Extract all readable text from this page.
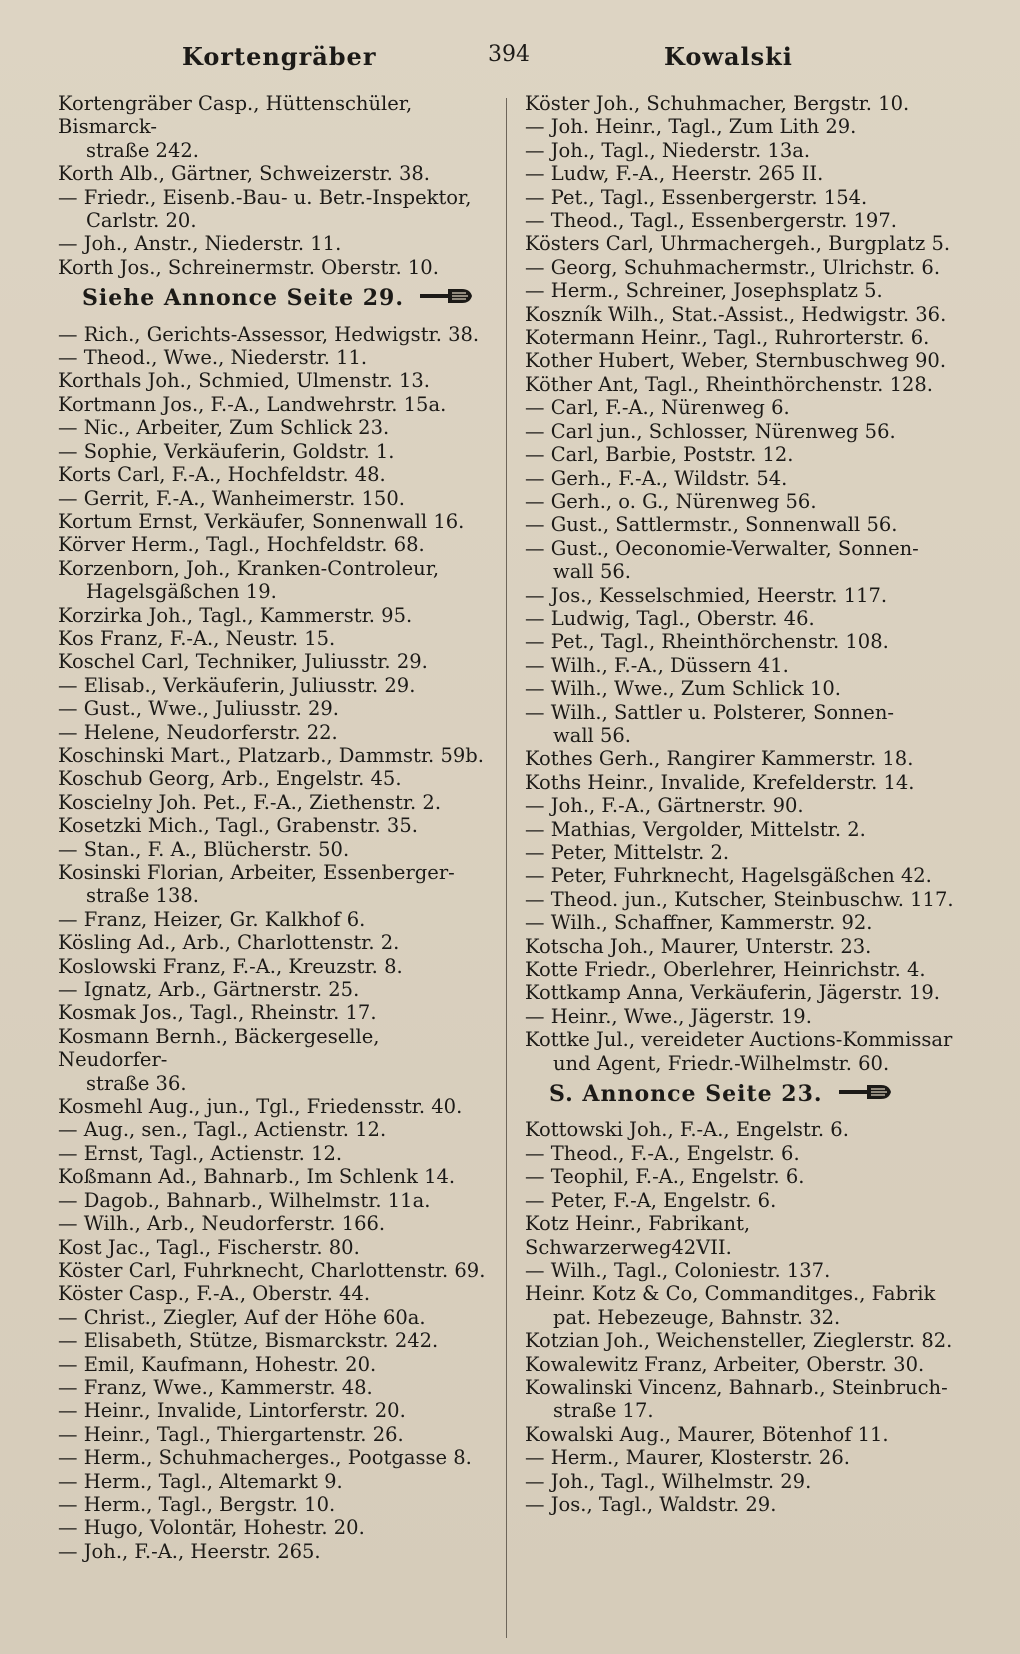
Kortengräber	394	Kowalski
Kortengräber Casp., Hüttenschüler, Bismarck-
straße 242.
Korth Alb., Gärtner, Schweizerstr. 38.
— Friedr., Eisenb.-Bau- u. Betr.-Inspektor,
Carlstr. 20.
— Joh., Anstr., Niederstr. 11.
Korth Jos., Schreinermstr. Oberstr. 10.
Siehe Annonce Seite 29.
— Rich., Gerichts-Assessor, Hedwigstr. 38.
— Theod., Wwe., Niederstr. 11.
Korthals Joh., Schmied, Ulmenstr. 13.
Kortmann Jos., F.-A., Landwehrstr. 15a.
— Nic., Arbeiter, Zum Schlick 23.
— Sophie, Verkäuferin, Goldstr. 1.
Korts Carl, F.-A., Hochfeldstr. 48.
— Gerrit, F.-A., Wanheimerstr. 150.
Kortum Ernst, Verkäufer, Sonnenwall 16.
Körver Herm., Tagl., Hochfeldstr. 68.
Korzenborn, Joh., Kranken-Controleur,
Hagelsgäßchen 19.
Korzirka Joh., Tagl., Kammerstr. 95.
Kos Franz, F.-A., Neustr. 15.
Koschel Carl, Techniker, Juliusstr. 29.
— Elisab., Verkäuferin, Juliusstr. 29.
— Gust., Wwe., Juliusstr. 29.
— Helene, Neudorferstr. 22.
Koschinski Mart., Platzarb., Dammstr. 59b.
Koschub Georg, Arb., Engelstr. 45.
Koscielny Joh. Pet., F.-A., Ziethenstr. 2.
Kosetzki Mich., Tagl., Grabenstr. 35.
— Stan., F. A., Blücherstr. 50.
Kosinski Florian, Arbeiter, Essenberger-
straße 138.
— Franz, Heizer, Gr. Kalkhof 6.
Kösling Ad., Arb., Charlottenstr. 2.
Koslowski Franz, F.-A., Kreuzstr. 8.
— Ignatz, Arb., Gärtnerstr. 25.
Kosmak Jos., Tagl., Rheinstr. 17.
Kosmann Bernh., Bäckergeselle, Neudorfer-
straße 36.
Kosmehl Aug., jun., Tgl., Friedensstr. 40.
— Aug., sen., Tagl., Actienstr. 12.
— Ernst, Tagl., Actienstr. 12.
Koßmann Ad., Bahnarb., Im Schlenk 14.
— Dagob., Bahnarb., Wilhelmstr. 11a.
— Wilh., Arb., Neudorferstr. 166.
Kost Jac., Tagl., Fischerstr. 80.
Köster Carl, Fuhrknecht, Charlottenstr. 69.
Köster Casp., F.-A., Oberstr. 44.
— Christ., Ziegler, Auf der Höhe 60a.
— Elisabeth, Stütze, Bismarckstr. 242.
— Emil, Kaufmann, Hohestr. 20.
— Franz, Wwe., Kammerstr. 48.
— Heinr., Invalide, Lintorferstr. 20.
— Heinr., Tagl., Thiergartenstr. 26.
— Herm., Schuhmacherges., Pootgasse 8.
— Herm., Tagl., Altemarkt 9.
— Herm., Tagl., Bergstr. 10.
— Hugo, Volontär, Hohestr. 20.
— Joh., F.-A., Heerstr. 265.
Köster Joh., Schuhmacher, Bergstr. 10.
— Joh. Heinr., Tagl., Zum Lith 29.
— Joh., Tagl., Niederstr. 13a.
— Ludw, F.-A., Heerstr. 265 II.
— Pet., Tagl., Essenbergerstr. 154.
— Theod., Tagl., Essenbergerstr. 197.
Kösters Carl, Uhrmachergeh., Burgplatz 5.
— Georg, Schuhmachermstr., Ulrichstr. 6.
— Herm., Schreiner, Josephsplatz 5.
Koszník Wilh., Stat.-Assist., Hedwigstr. 36.
Kotermann Heinr., Tagl., Ruhrorterstr. 6.
Kother Hubert, Weber, Sternbuschweg 90.
Köther Ant, Tagl., Rheinthörchenstr. 128.
— Carl, F.-A., Nürenweg 6.
— Carl jun., Schlosser, Nürenweg 56.
— Carl, Barbie, Poststr. 12.
— Gerh., F.-A., Wildstr. 54.
— Gerh., o. G., Nürenweg 56.
— Gust., Sattlermstr., Sonnenwall 56.
— Gust., Oeconomie-Verwalter, Sonnen-
wall 56.
— Jos., Kesselschmied, Heerstr. 117.
— Ludwig, Tagl., Oberstr. 46.
— Pet., Tagl., Rheinthörchenstr. 108.
— Wilh., F.-A., Düssern 41.
— Wilh., Wwe., Zum Schlick 10.
— Wilh., Sattler u. Polsterer, Sonnen-
wall 56.
Kothes Gerh., Rangirer Kammerstr. 18.
Koths Heinr., Invalide, Krefelderstr. 14.
— Joh., F.-A., Gärtnerstr. 90.
— Mathias, Vergolder, Mittelstr. 2.
— Peter, Mittelstr. 2.
— Peter, Fuhrknecht, Hagelsgäßchen 42.
— Theod. jun., Kutscher, Steinbuschw. 117.
— Wilh., Schaffner, Kammerstr. 92.
Kotscha Joh., Maurer, Unterstr. 23.
Kotte Friedr., Oberlehrer, Heinrichstr. 4.
Kottkamp Anna, Verkäuferin, Jägerstr. 19.
— Heinr., Wwe., Jägerstr. 19.
Kottke Jul., vereideter Auctions-Kommissar
und Agent, Friedr.-Wilhelmstr. 60.
S. Annonce Seite 23.
Kottowski Joh., F.-A., Engelstr. 6.
— Theod., F.-A., Engelstr. 6.
— Teophil, F.-A., Engelstr. 6.
— Peter, F.-A, Engelstr. 6.
Kotz Heinr., Fabrikant, Schwarzerweg42VII.
— Wilh., Tagl., Coloniestr. 137.
Heinr. Kotz & Co, Commanditges., Fabrik
pat. Hebezeuge, Bahnstr. 32.
Kotzian Joh., Weichensteller, Zieglerstr. 82.
Kowalewitz Franz, Arbeiter, Oberstr. 30.
Kowalinski Vincenz, Bahnarb., Steinbruch-
straße 17.
Kowalski Aug., Maurer, Bötenhof 11.
— Herm., Maurer, Klosterstr. 26.
— Joh., Tagl., Wilhelmstr. 29.
— Jos., Tagl., Waldstr. 29.
